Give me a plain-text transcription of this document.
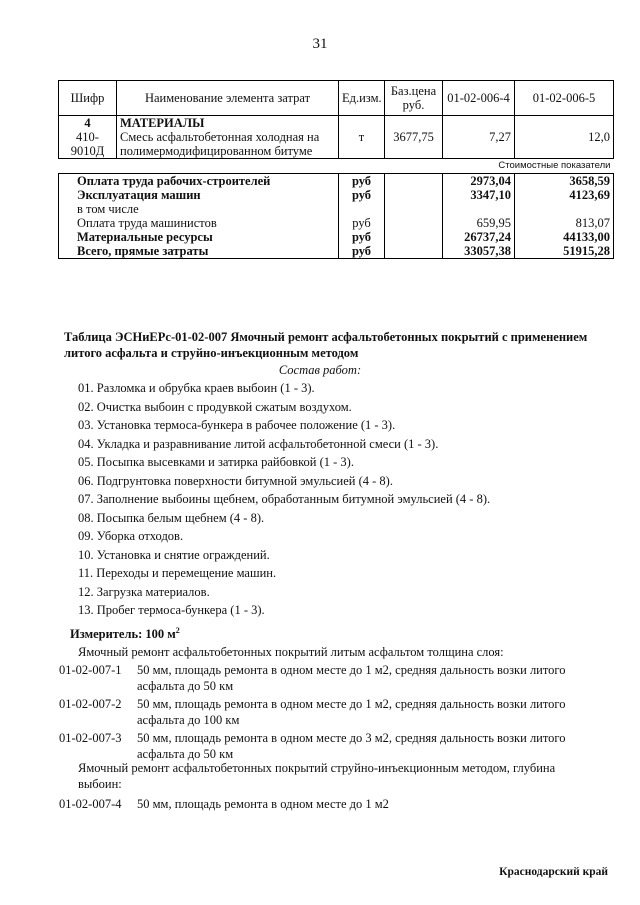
31
Шифр	Наименование элемента затрат	Ед.изм.	Баз.цена руб.	01-02-006-4	01-02-006-5
4	МАТЕРИАЛЫ				
410-9010Д	Смесь асфальтобетонная холодная на полимермодифицированном битуме	т	3677,75	7,27	12,0
			Стоимостные показатели		
Оплата труда рабочих-строителей		руб		2973,04	3658,59
Эксплуатация машин		руб		3347,10	4123,69
в том числе					
Оплата труда машинистов		руб		659,95	813,07
Материальные ресурсы		руб		26737,24	44133,00
Всего, прямые затраты		руб		33057,38	51915,28
Таблица ЭСНиЕРс-01-02-007 Ямочный ремонт асфальтобетонных покрытий с применением литого асфальта и струйно-инъекционным методом
Состав работ:
01. Разломка и обрубка краев выбоин (1 - 3).
02. Очистка выбоин с продувкой сжатым воздухом.
03. Установка термоса-бункера в рабочее положение (1 - 3).
04. Укладка и разравнивание литой асфальтобетонной смеси (1 - 3).
05. Посыпка высевками и затирка райбовкой (1 - 3).
06. Подгрунтовка поверхности битумной эмульсией (4 - 8).
07. Заполнение выбоины щебнем, обработанным битумной эмульсией (4 - 8).
08. Посыпка белым щебнем (4 - 8).
09. Уборка отходов.
10. Установка и снятие ограждений.
11. Переходы и перемещение машин.
12. Загрузка материалов.
13. Пробег термоса-бункера (1 - 3).
Измеритель: 100 $м^2$
Ямочный ремонт асфальтобетонных покрытий литым асфальтом толщина слоя:
01-02-007-1 50 мм, площадь ремонта в одном месте до 1 м2, средняя дальность возки литого асфальта до 50 км
01-02-007-2 50 мм, площадь ремонта в одном месте до 1 м2, средняя дальность возки литого асфальта до 100 км
01-02-007-3 50 мм, площадь ремонта в одном месте до 3 м2, средняя дальность возки литого асфальта до 50 км
Ямочный ремонт асфальтобетонных покрытий струйно-инъекционным методом, глубина выбоин:
01-02-007-4 50 мм, площадь ремонта в одном месте до 1 м2
Краснодарский край
